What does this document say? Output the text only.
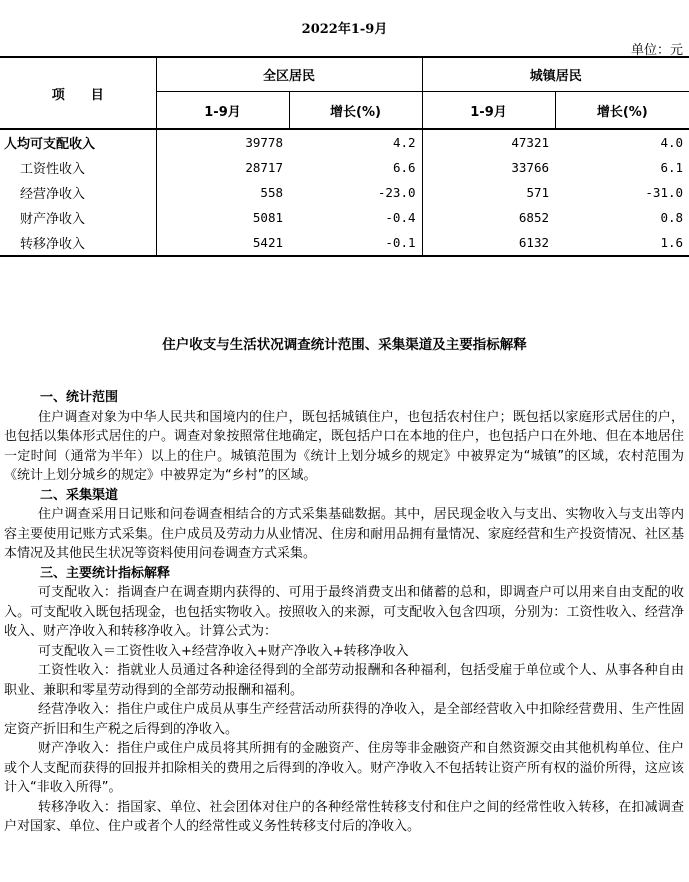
2022年1-9月
单位：元
项　　目	全区居民		城镇居民	
	1-9月	增长(%)	1-9月	增长(%)
人均可支配收入	39778	4.2	47321	4.0
工资性收入	28717	6.6	33766	6.1
经营净收入	558	-23.0	571	-31.0
财产净收入	5081	-0.4	6852	0.8
转移净收入	5421	-0.1	6132	1.6
住户收支与生活状况调查统计范围、采集渠道及主要指标解释
一、统计范围
住户调查对象为中华人民共和国境内的住户，既包括城镇住户，也包括农村住户；既包括以家庭形式居住的户，也包括以集体形式居住的户。调查对象按照常住地确定，既包括户口在本地的住户，也包括户口在外地、但在本地居住一定时间（通常为半年）以上的住户。城镇范围为《统计上划分城乡的规定》中被界定为“城镇”的区域，农村范围为《统计上划分城乡的规定》中被界定为“乡村”的区域。
二、采集渠道
住户调查采用日记账和问卷调查相结合的方式采集基础数据。其中，居民现金收入与支出、实物收入与支出等内容主要使用记账方式采集。住户成员及劳动力从业情况、住房和耐用品拥有量情况、家庭经营和生产投资情况、社区基本情况及其他民生状况等资料使用问卷调查方式采集。
三、主要统计指标解释
可支配收入：指调查户在调查期内获得的、可用于最终消费支出和储蓄的总和，即调查户可以用来自由支配的收入。可支配收入既包括现金，也包括实物收入。按照收入的来源，可支配收入包含四项，分别为：工资性收入、经营净收入、财产净收入和转移净收入。计算公式为：
可支配收入＝工资性收入+经营净收入+财产净收入+转移净收入
工资性收入：指就业人员通过各种途径得到的全部劳动报酬和各种福利，包括受雇于单位或个人、从事各种自由职业、兼职和零星劳动得到的全部劳动报酬和福利。
经营净收入：指住户或住户成员从事生产经营活动所获得的净收入，是全部经营收入中扣除经营费用、生产性固定资产折旧和生产税之后得到的净收入。
财产净收入：指住户或住户成员将其所拥有的金融资产、住房等非金融资产和自然资源交由其他机构单位、住户或个人支配而获得的回报并扣除相关的费用之后得到的净收入。财产净收入不包括转让资产所有权的溢价所得，这应该计入“非收入所得”。
转移净收入：指国家、单位、社会团体对住户的各种经常性转移支付和住户之间的经常性收入转移，在扣减调查户对国家、单位、住户或者个人的经常性或义务性转移支付后的净收入。
